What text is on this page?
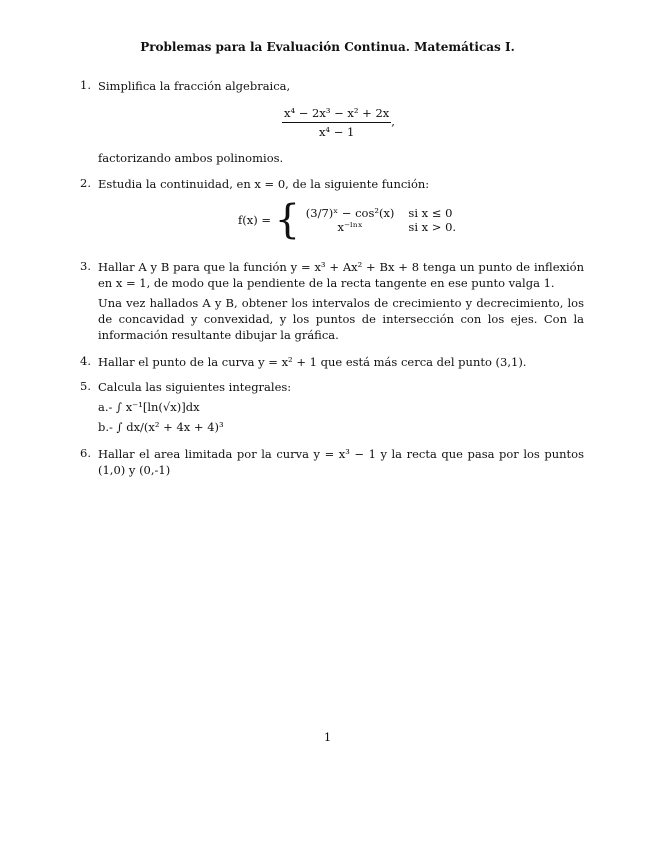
Problemas para la Evaluación Continua. Matemáticas I.
1. Simplifica la fracción algebraica,
$\frac{\text{x⁴ − 2x³ − x² + 2x}}{\text{x⁴ − 1}}$ ,
factorizando ambos polinomios.
2. Estudia la continuidad, en x = 0, de la siguiente función:
f(x) = { (3/7)ˣ − cos²(x)	si x ≤ 0
x⁻ˡⁿˣ	si x > 0.
3. Hallar A y B para que la función y = x³ + Ax² + Bx + 8 tenga un punto de inflexión en x = 1, de modo que la pendiente de la recta tangente en ese punto valga 1.
Una vez hallados A y B, obtener los intervalos de crecimiento y decrecimiento, los de concavidad y convexidad, y los puntos de intersección con los ejes. Con la información resultante dibujar la gráfica.
4. Hallar el punto de la curva y = x² + 1 que está más cerca del punto (3,1).
5. Calcula las siguientes integrales:
a.- ∫ x⁻¹[ln(√x)]dx
b.- ∫ dx/(x² + 4x + 4)³
6. Hallar el area limitada por la curva y = x³ − 1 y la recta que pasa por los puntos (1,0) y (0,-1)
1
